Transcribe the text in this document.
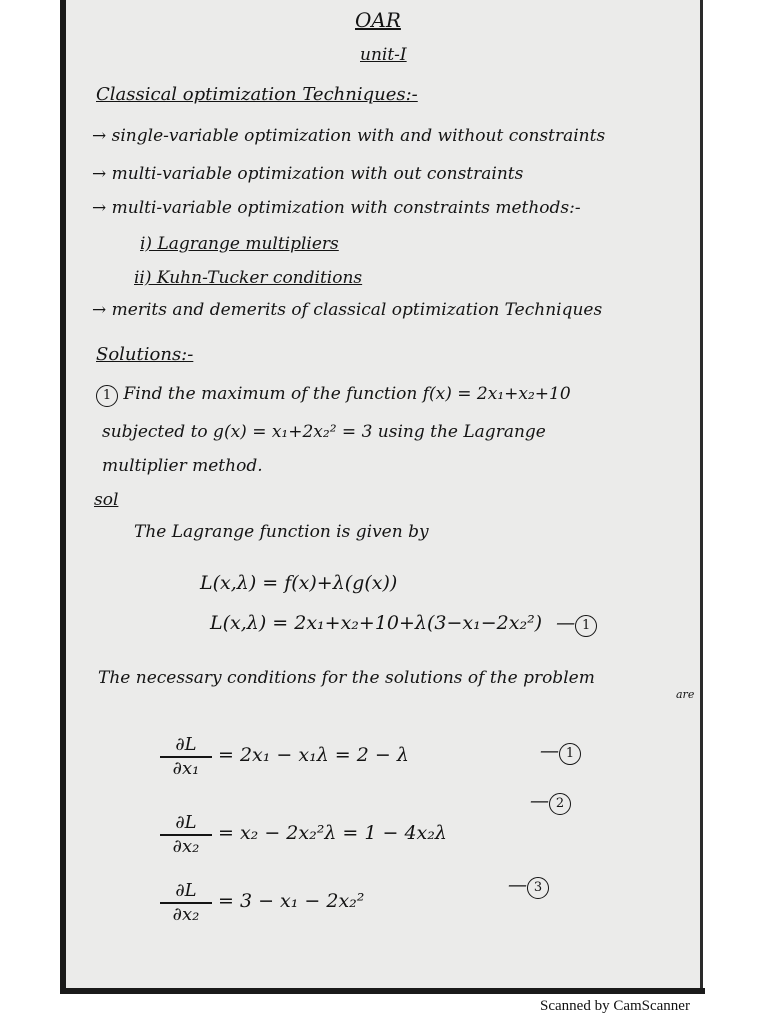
OAR
unit-I
Classical optimization Techniques:-
→ single-variable optimization with and without constraints
→ multi-variable optimization with out constraints
→ multi-variable optimization with constraints methods:-
i) Lagrange multipliers
ii) Kuhn-Tucker conditions
→ merits and demerits of classical optimization Techniques
Solutions:-
1 Find the maximum of the function f(x) = 2x₁+x₂+10
subjected to g(x) = x₁+2x₂² = 3 using the Lagrange
multiplier method.
sol
The Lagrange function is given by
L(x,λ) = f(x)+λ(g(x))
L(x,λ) = 2x₁+x₂+10+λ(3−x₁−2x₂²) — 1
The necessary conditions for the solutions of the problem
are
∂L
∂x₁
= 2x₁ − x₁λ = 2 − λ	— 1
∂L
∂x₂
= x₂ − 2x₂²λ = 1 − 4x₂λ
— 2
∂L
∂x₂
= 3 − x₁ − 2x₂²
— 3
Scanned by CamScanner
